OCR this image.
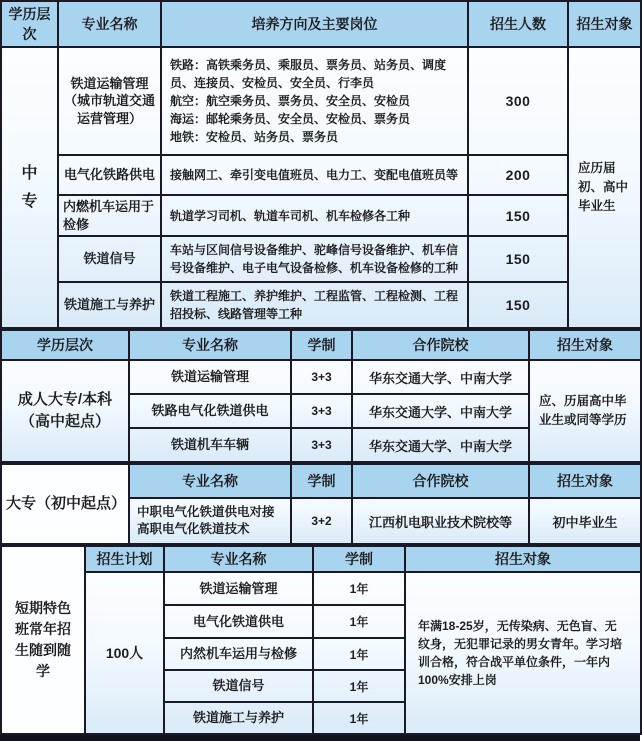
学历层次	专业名称	培养方向及主要岗位	招生人数	招生对象
中专	铁道运输管理（城市轨道交通运营管理）	铁路：高铁乘务员、乘服员、票务员、站务员、调度员、连接员、安检员、安全员、行李员
航空：航空乘务员、票务员、安全员、安检员
海运：邮轮乘务员、安全员、安检员、票务员
地铁：安检员、站务员、票务员	300	应历届初、高中毕业生
	电气化铁路供电	接触网工、牵引变电值班员、电力工、变配电值班员等	200	
	内燃机车运用于检修	轨道学习司机、轨道车司机、机车检修各工种	150	
	铁道信号	车站与区间信号设备维护、驼峰信号设备维护、机车信号设备维护、电子电气设备检修、机车设备检修的工种	150	
	铁道施工与养护	铁道工程施工、养护维护、工程监管、工程检测、工程招投标、线路管理等工种	150	
学历层次	专业名称	学制	合作院校	招生对象
成人大专/本科（高中起点）	铁道运输管理	3+3	华东交通大学、中南大学	应、历届高中毕业生或同等学历
	铁路电气化铁道供电	3+3	华东交通大学、中南大学	
	铁道机车车辆	3+3	华东交通大学、中南大学	
大专（初中起点）	专业名称	学制	合作院校	招生对象
	中职电气化铁道供电对接高职电气化铁道技术	3+2	江西机电职业技术院校等	初中毕业生
短期特色班常年招生随到随学	招生计划	专业名称	学制	招生对象
	100人	铁道运输管理	1年	年满18-25岁，无传染病、无色盲、无纹身，无犯罪记录的男女青年。学习培训合格，符合战平单位条件，一年内100%安排上岗
		电气化铁道供电	1年	
		内然机车运用与检修	1年	
		铁道信号	1年	
		铁道施工与养护	1年	
